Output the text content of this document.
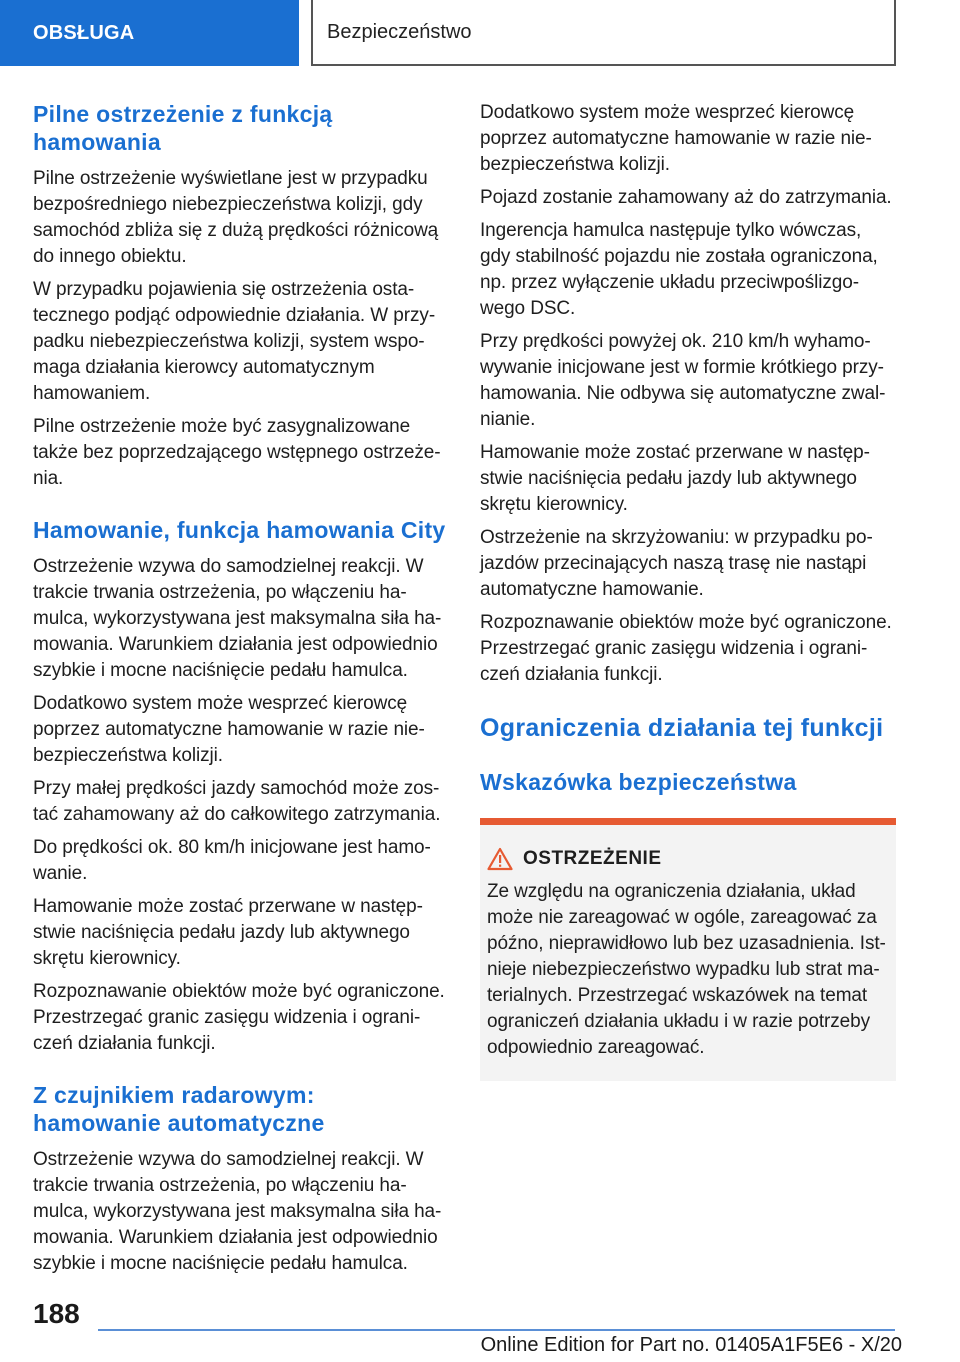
OBSŁUGA	Bezpieczeństwo
Pilne ostrzeżenie z funkcją hamowania

Pilne ostrzeżenie wyświetlane jest w przypadku bezpośredniego niebezpieczeństwa kolizji, gdy samochód zbliża się z dużą prędkości różnicową do innego obiektu.

W przypadku pojawienia się ostrzeżenia ostatecznego podjąć odpowiednie działania. W przypadku niebezpieczeństwa kolizji, system wspomaga działania kierowcy automatycznym hamowaniem.

Pilne ostrzeżenie może być zasygnalizowane także bez poprzedzającego wstępnego ostrzeżenia.

Hamowanie, funkcja hamowania City

Ostrzeżenie wzywa do samodzielnej reakcji. W trakcie trwania ostrzeżenia, po włączeniu hamulca, wykorzystywana jest maksymalna siła hamowania. Warunkiem działania jest odpowiednio szybkie i mocne naciśnięcie pedału hamulca.

Dodatkowo system może wesprzeć kierowcę poprzez automatyczne hamowanie w razie niebezpieczeństwa kolizji.

Przy małej prędkości jazdy samochód może zostać zahamowany aż do całkowitego zatrzymania.

Do prędkości ok. 80 km/h inicjowane jest hamowanie.

Hamowanie może zostać przerwane w następstwie naciśnięcia pedału jazdy lub aktywnego skrętu kierownicy.

Rozpoznawanie obiektów może być ograniczone. Przestrzegać granic zasięgu widzenia i ograniczeń działania funkcji.

Z czujnikiem radarowym: hamowanie automatyczne

Ostrzeżenie wzywa do samodzielnej reakcji. W trakcie trwania ostrzeżenia, po włączeniu hamulca, wykorzystywana jest maksymalna siła hamowania. Warunkiem działania jest odpowiednio szybkie i mocne naciśnięcie pedału hamulca.

Dodatkowo system może wesprzeć kierowcę poprzez automatyczne hamowanie w razie niebezpieczeństwa kolizji.

Pojazd zostanie zahamowany aż do zatrzymania.

Ingerencja hamulca następuje tylko wówczas, gdy stabilność pojazdu nie została ograniczona, np. przez wyłączenie układu przeciwpoślizgowego DSC.

Przy prędkości powyżej ok. 210 km/h wyhamowywanie inicjowane jest w formie krótkiego przyhamowania. Nie odbywa się automatyczne zwalnianie.

Hamowanie może zostać przerwane w następstwie naciśnięcia pedału jazdy lub aktywnego skrętu kierownicy.

Ostrzeżenie na skrzyżowaniu: w przypadku pojazdów przecinających naszą trasę nie nastąpi automatyczne hamowanie.

Rozpoznawanie obiektów może być ograniczone. Przestrzegać granic zasięgu widzenia i ograniczeń działania funkcji.

Ograniczenia działania tej funkcji
Wskazówka bezpieczeństwa
OSTRZEŻENIE

Ze względu na ograniczenia działania, układ może nie zareagować w ogóle, zareagować za późno, nieprawidłowo lub bez uzasadnienia. Istnieje niebezpieczeństwo wypadku lub strat materialnych. Przestrzegać wskazówek na temat ograniczeń działania układu i w razie potrzeby odpowiednio zareagować.

188
Online Edition for Part no. 01405A1F5E6 - X/20
